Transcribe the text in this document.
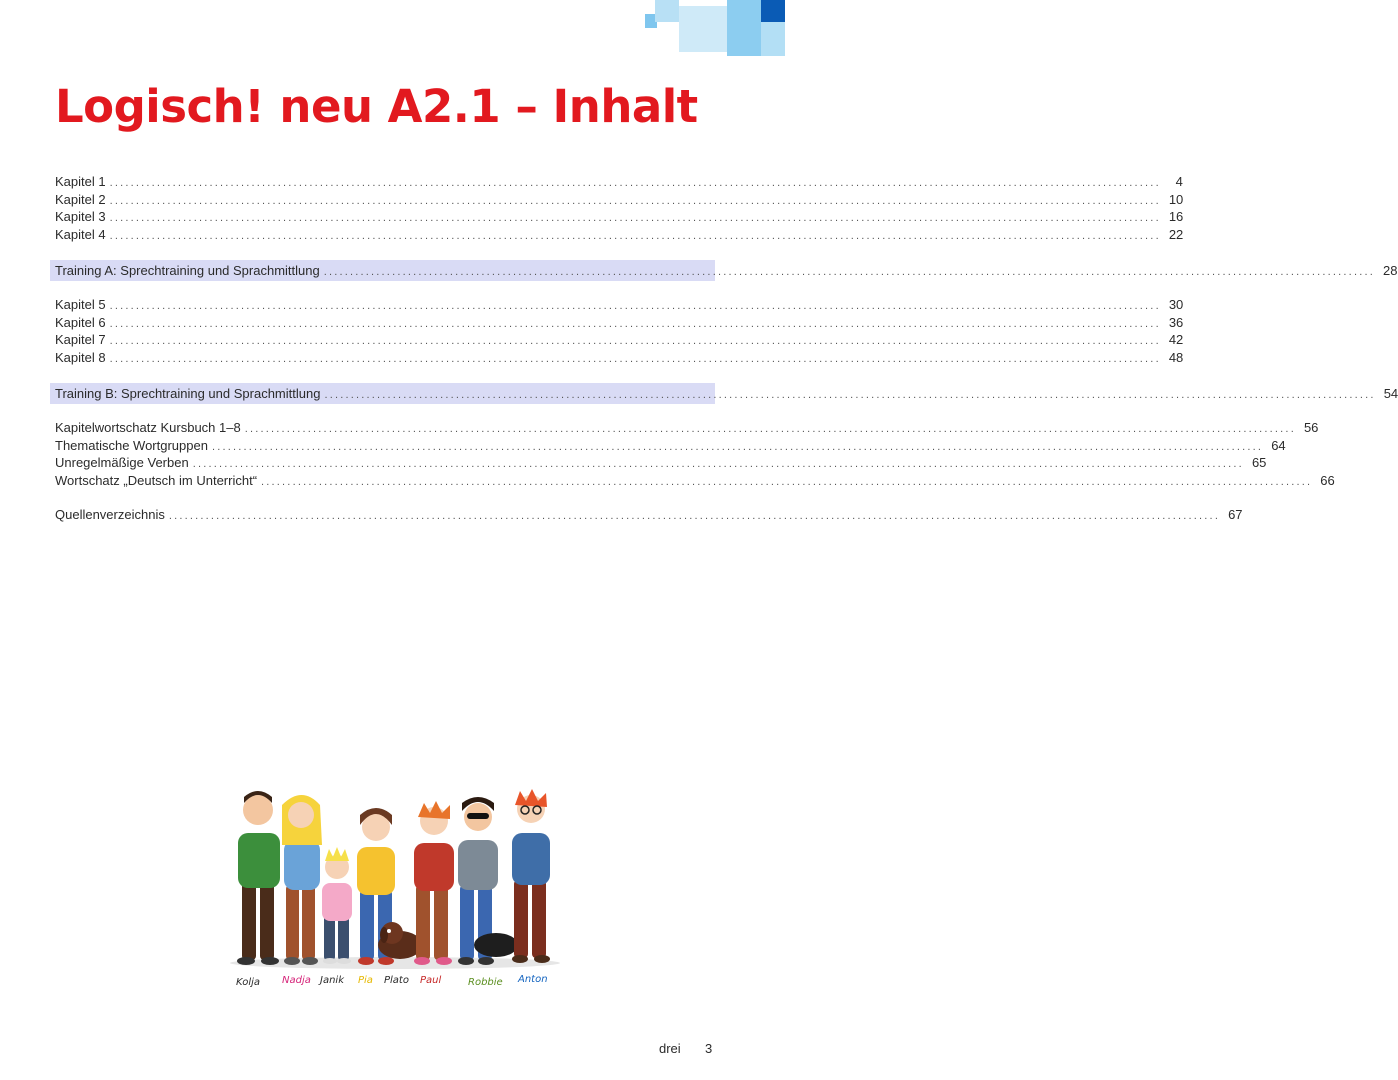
Logisch! neu A2.1 – Inhalt
Kapitel 1 ........................................................................................................................................................................................................	4
Kapitel 2 ........................................................................................................................................................................................................ 10
Kapitel 3 ........................................................................................................................................................................................................ 16
Kapitel 4 ........................................................................................................................................................................................................ 22
Training A: Sprechtraining und Sprachmittlung ........................................................................................................................................................................................................ 28
Kapitel 5 ........................................................................................................................................................................................................ 30
Kapitel 6 ........................................................................................................................................................................................................ 36
Kapitel 7 ........................................................................................................................................................................................................ 42
Kapitel 8 ........................................................................................................................................................................................................ 48
Training B: Sprechtraining und Sprachmittlung ........................................................................................................................................................................................................ 54
Kapitelwortschatz Kursbuch 1–8 ........................................................................................................................................................................................................ 56
Thematische Wortgruppen ........................................................................................................................................................................................................ 64
Unregelmäßige Verben ........................................................................................................................................................................................................ 65
Wortschatz „Deutsch im Unterricht“ ........................................................................................................................................................................................................ 66
Quellenverzeichnis ........................................................................................................................................................................................................ 67
Kolja Nadja Janik Pia Plato Paul	Robbie Anton
drei 3
